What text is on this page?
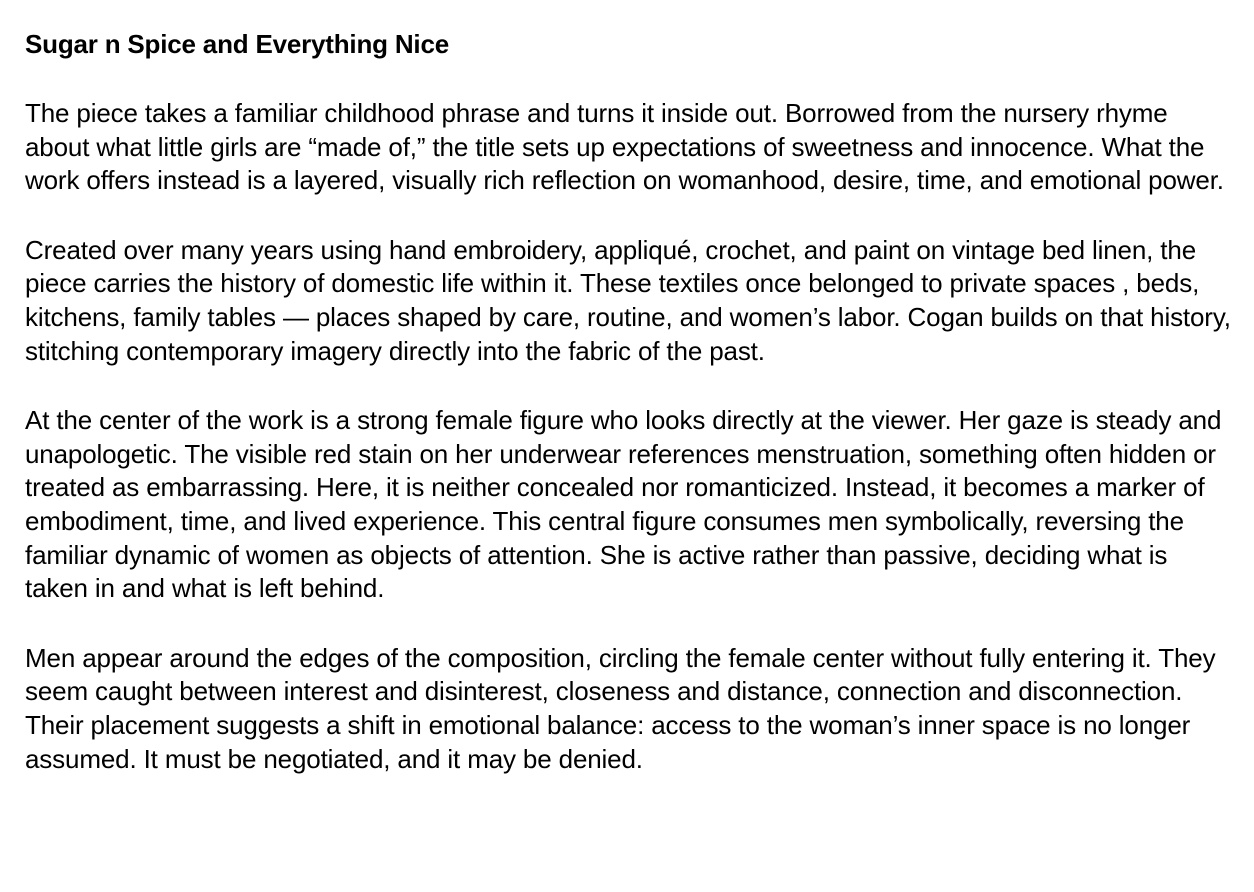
Sugar n Spice and Everything Nice

The piece takes a familiar childhood phrase and turns it inside out. Borrowed from the nursery rhyme about what little girls are “made of,” the title sets up expectations of sweetness and innocence. What the work offers instead is a layered, visually rich reflection on womanhood, desire, time, and emotional power.

Created over many years using hand embroidery, appliqué, crochet, and paint on vintage bed linen, the piece carries the history of domestic life within it. These textiles once belonged to private spaces , beds, kitchens, family tables — places shaped by care, routine, and women’s labor. Cogan builds on that history, stitching contemporary imagery directly into the fabric of the past.

At the center of the work is a strong female figure who looks directly at the viewer. Her gaze is steady and unapologetic. The visible red stain on her underwear references menstruation, something often hidden or treated as embarrassing. Here, it is neither concealed nor romanticized. Instead, it becomes a marker of embodiment, time, and lived experience. This central figure consumes men symbolically, reversing the familiar dynamic of women as objects of attention. She is active rather than passive, deciding what is taken in and what is left behind.

Men appear around the edges of the composition, circling the female center without fully entering it. They seem caught between interest and disinterest, closeness and distance, connection and disconnection. Their placement suggests a shift in emotional balance: access to the woman’s inner space is no longer assumed. It must be negotiated, and it may be denied.
